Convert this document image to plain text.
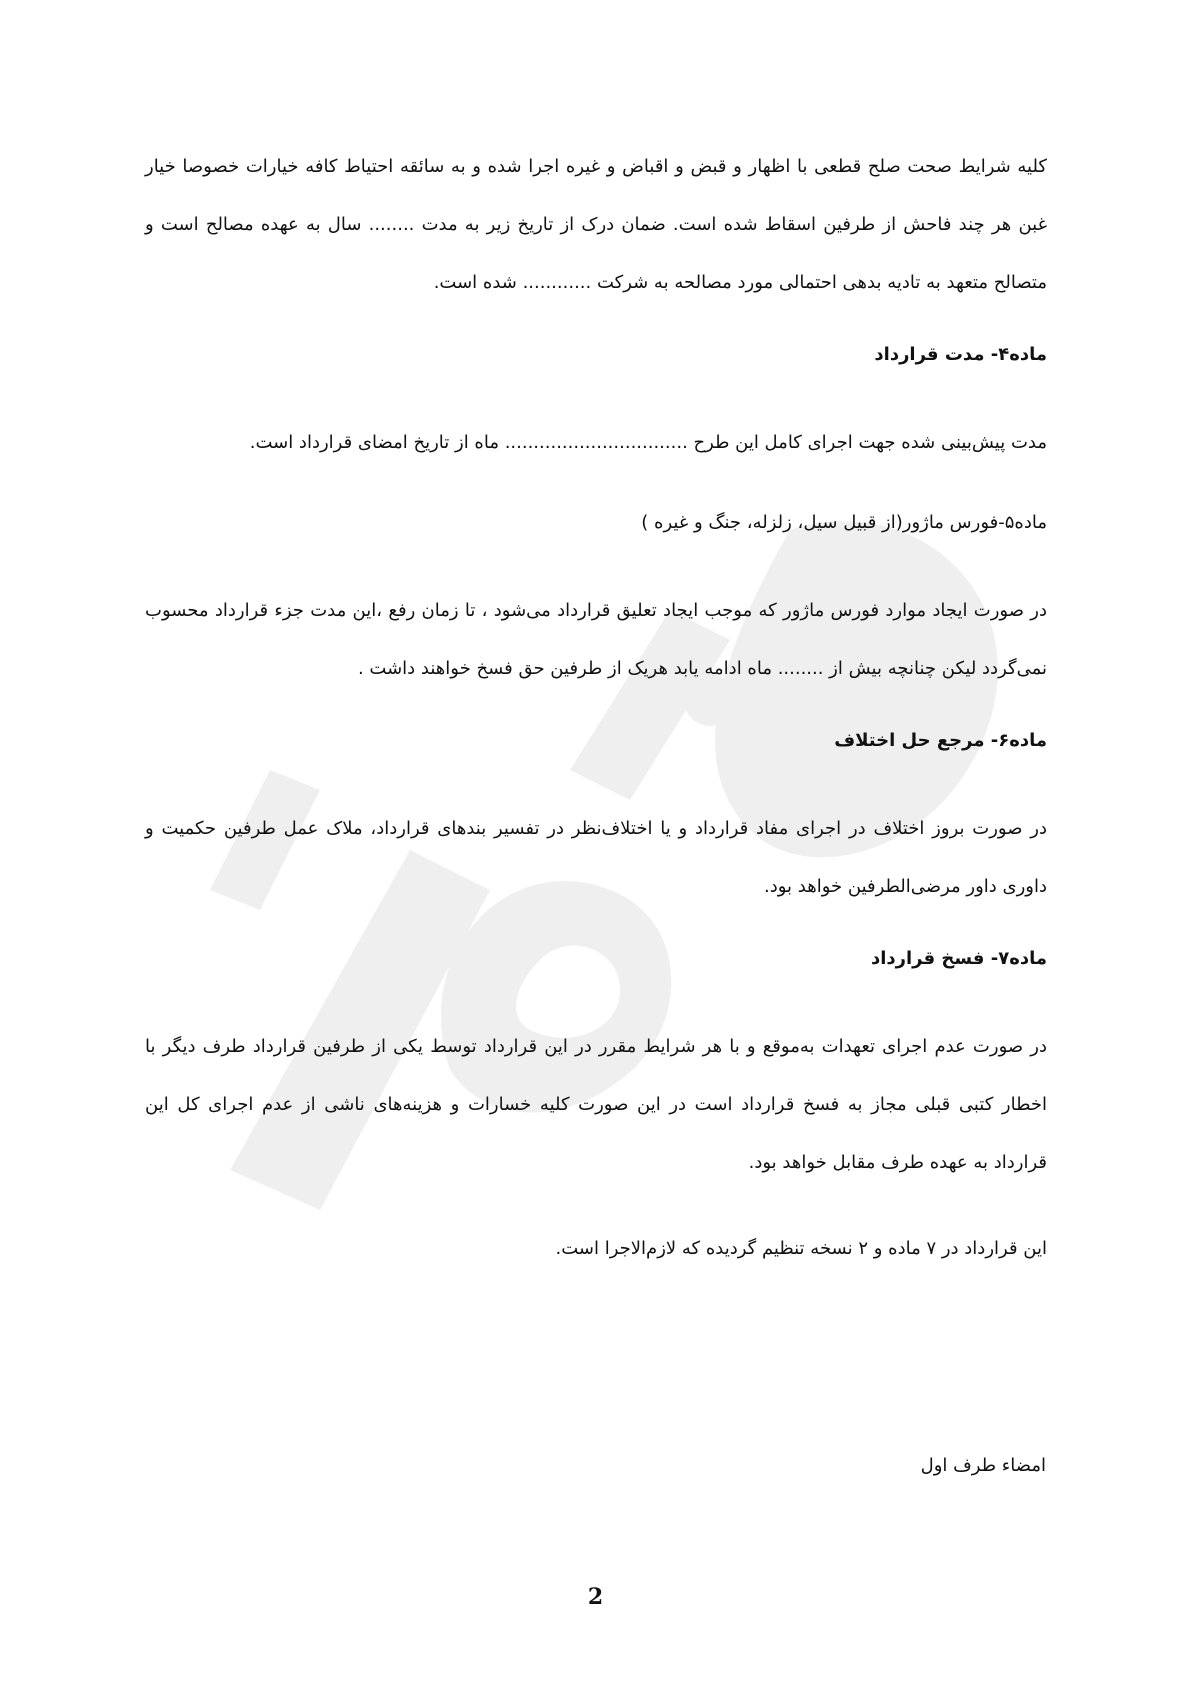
کلیه شرایط صحت صلح قطعی با اظهار و قبض و اقباض و غیره اجرا شده و به سائقه احتیاط کافه خیارات خصوصا خیار غبن هر چند فاحش از طرفین اسقاط شده است. ضمان درک از تاریخ زیر به مدت ........ سال به عهده مصالح است و متصالح متعهد به تادیه بدهی احتمالی مورد مصالحه به شرکت ............ شده است.

ماده۴- مدت قرارداد

مدت پیش‌بینی شده جهت اجرای کامل این طرح ................................ ماه از تاریخ امضای قرارداد است.

ماده۵-فورس ماژور(از قبیل سیل، زلزله، جنگ و غیره )

در صورت ایجاد موارد فورس ماژور که موجب ایجاد تعلیق قرارداد می‌شود ، تا زمان رفع ،این مدت جزء قرارداد محسوب نمی‌گردد لیکن چنانچه بیش از ........ ماه ادامه یابد هریک از طرفین حق فسخ خواهند داشت .

ماده۶- مرجع حل اختلاف

در صورت بروز اختلاف در اجرای مفاد قرارداد و یا اختلاف‌نظر در تفسیر بندهای قرارداد، ملاک عمل طرفین حکمیت و داوری داور مرضی‌الطرفین خواهد بود.

ماده۷- فسخ قرارداد

در صورت عدم اجرای تعهدات به‌موقع و با هر شرایط مقرر در این قرارداد توسط یکی از طرفین قرارداد طرف دیگر با اخطار کتبی قبلی مجاز به فسخ قرارداد است در این صورت کلیه خسارات و هزینه‌های ناشی از عدم اجرای کل این قرارداد به عهده طرف مقابل خواهد بود.

این قرارداد در ۷ ماده و ۲ نسخه تنظیم گردیده که لازم‌الاجرا است.

امضاء طرف اول
2
